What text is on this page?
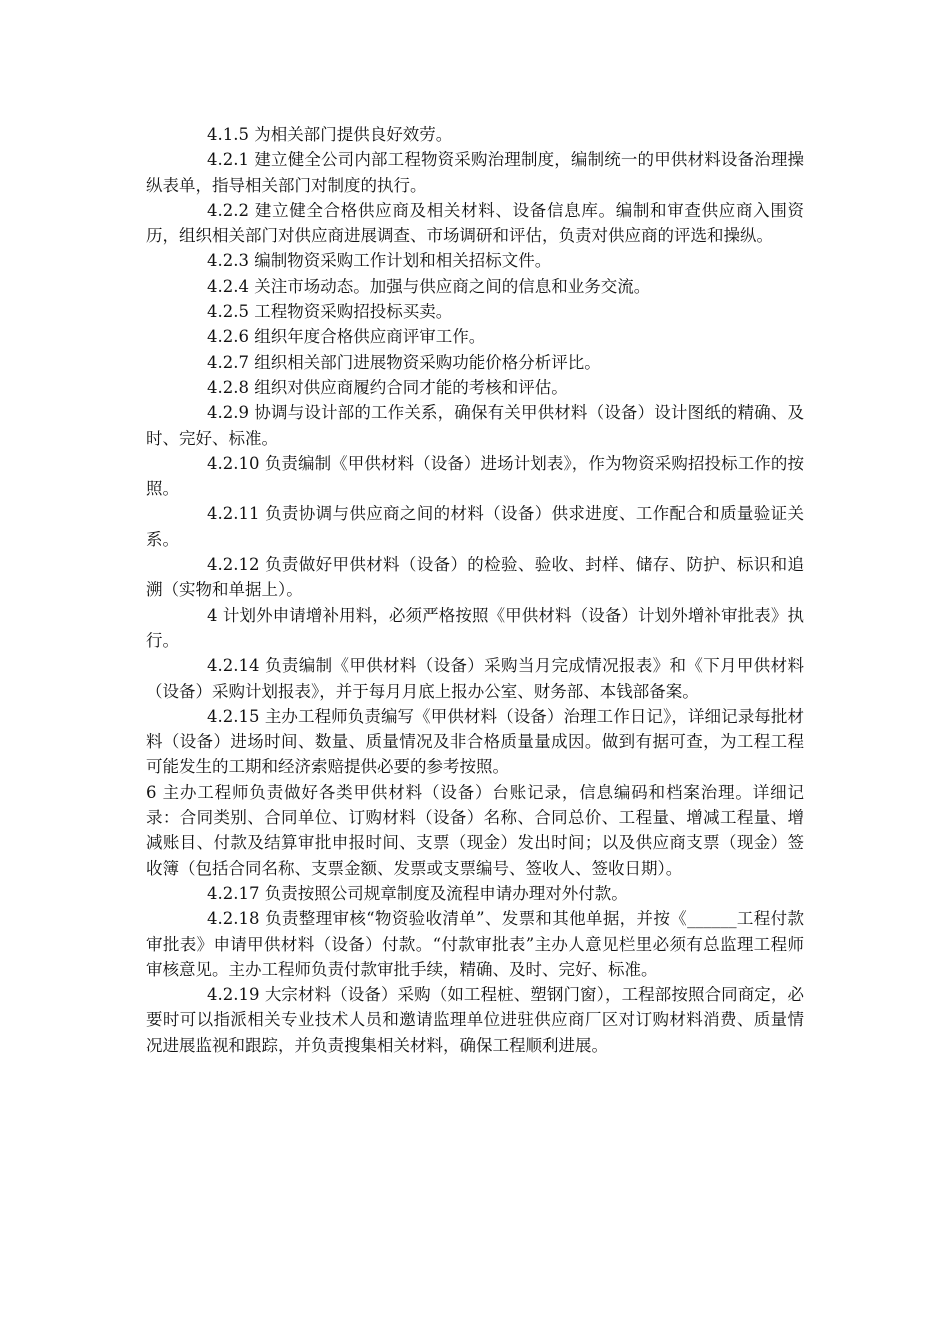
4.1.5 为相关部门提供良好效劳。

4.2.1 建立健全公司内部工程物资采购治理制度，编制统一的甲供材料设备治理操纵表单，指导相关部门对制度的执行。

4.2.2 建立健全合格供应商及相关材料、设备信息库。编制和审查供应商入围资历，组织相关部门对供应商进展调查、市场调研和评估，负责对供应商的评选和操纵。

4.2.3 编制物资采购工作计划和相关招标文件。

4.2.4 关注市场动态。加强与供应商之间的信息和业务交流。

4.2.5 工程物资采购招投标买卖。

4.2.6 组织年度合格供应商评审工作。

4.2.7 组织相关部门进展物资采购功能价格分析评比。

4.2.8 组织对供应商履约合同才能的考核和评估。

4.2.9 协调与设计部的工作关系，确保有关甲供材料（设备）设计图纸的精确、及时、完好、标准。

4.2.10 负责编制《甲供材料（设备）进场计划表》，作为物资采购招投标工作的按照。

4.2.11 负责协调与供应商之间的材料（设备）供求进度、工作配合和质量验证关系。

4.2.12 负责做好甲供材料（设备）的检验、验收、封样、储存、防护、标识和追溯（实物和单据上）。

4 计划外申请增补用料，必须严格按照《甲供材料（设备）计划外增补审批表》执行。

4.2.14 负责编制《甲供材料（设备）采购当月完成情况报表》和《下月甲供材料（设备）采购计划报表》，并于每月月底上报办公室、财务部、本钱部备案。

4.2.15 主办工程师负责编写《甲供材料（设备）治理工作日记》，详细记录每批材料（设备）进场时间、数量、质量情况及非合格质量量成因。做到有据可查，为工程工程可能发生的工期和经济索赔提供必要的参考按照。

6 主办工程师负责做好各类甲供材料（设备）台账记录，信息编码和档案治理。详细记录：合同类别、合同单位、订购材料（设备）名称、合同总价、工程量、增减工程量、增减账目、付款及结算审批申报时间、支票（现金）发出时间；以及供应商支票（现金）签收簿（包括合同名称、支票金额、发票或支票编号、签收人、签收日期）。

4.2.17 负责按照公司规章制度及流程申请办理对外付款。

4.2.18 负责整理审核“物资验收清单”、发票和其他单据，并按《______工程付款审批表》申请甲供材料（设备）付款。“付款审批表”主办人意见栏里必须有总监理工程师审核意见。主办工程师负责付款审批手续，精确、及时、完好、标准。

4.2.19 大宗材料（设备）采购（如工程桩、塑钢门窗），工程部按照合同商定，必要时可以指派相关专业技术人员和邀请监理单位进驻供应商厂区对订购材料消费、质量情况进展监视和跟踪，并负责搜集相关材料，确保工程顺利进展。
